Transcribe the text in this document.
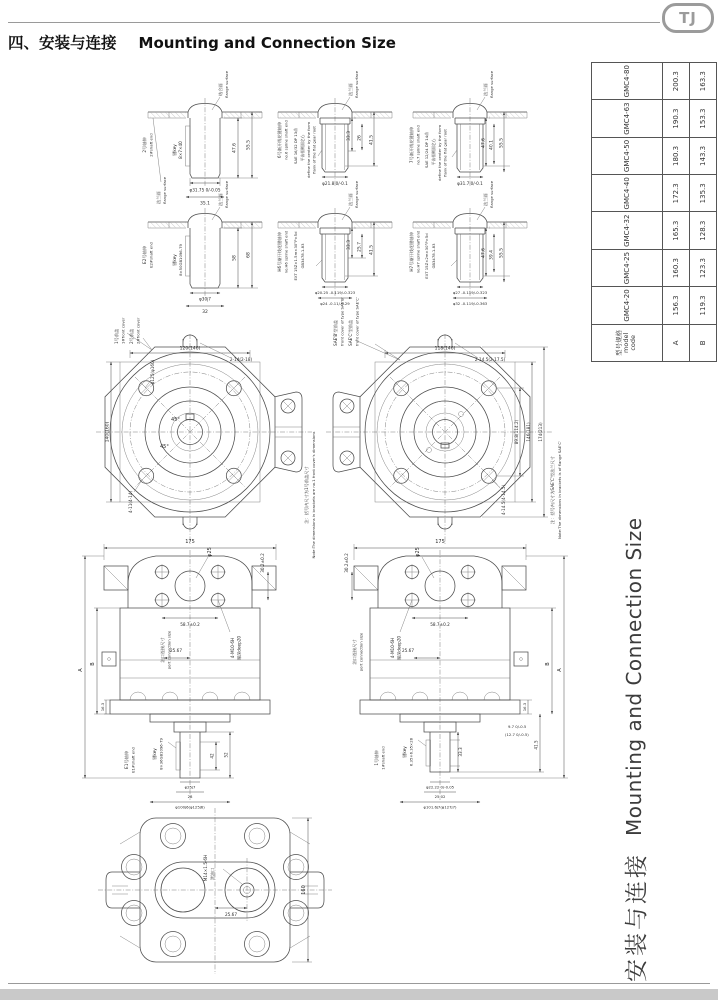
47.6 55.5
φ31.75 0/-0.05
35.1
结合面 flange surface
法兰面 flange surface
2号轴伸 2#shaft end	键key 8×7×40
33.3 26 41.5
φ21.8 0/-0.1
法兰面 flange surface
6号渐开线花键轴伸 no.6 spline shaft end SAE 16/32 DP 13齿 平齿根侧面定心 define the center by the form flank of the flat gear root	47.6 40.1 55.5
φ31.7 0/-0.1
法兰面 flange surface
7号渐开线花键轴伸 no.7 spline shaft end SAE 12/24 DP 14齿 平齿根侧面定心 define the center by the form flank of the flat gear root
58
68
φ30j7
32
法兰面 flange surface
E2号轴伸 E2#shaft end	键key 8×50GB1096-79	33.3 25.7 41.5
φ20.25 -0.119/-0.323
φ24 -0.11/-0.29
法兰面 flange surface
H6号渐开线花键轴伸 no.H6 spline shaft end EXT 15Z×1.5m×30°P×5d GB3478.1-83	47.6 39.4 55.5
φ27 -0.119/-0.323
φ32 -0.119/-0.363
法兰面 flange surface
H7号渐开线花键轴伸 no.H7 spline shaft end EXT 15Z×2m×30°P×5d GB3478.1-83
140(160)
120(146)
2-14(2-18)
φ125(φ160)
4-11(4-14)
45°
45°
1号前盖 1#front cover 2号前盖 2#front cover
注：括号内尺寸为1号前盖尺寸 Note:The dimensions in brackets are no.1 front cover's dimensions	89.8(114.2) 146(181) 174(213)
4-14.5(4-14.5)
118(146)
2-14.5(2-17.5)
SAE'B'型前盖 front cover of type SAE'B' SAE'C'型前盖 front cover of type SAE'C'
注：括号内尺寸为SAE'C'型法兰尺寸 Note:The dimensions in brackets is of flange SAE'C'
175
φ25
30.2±0.2
58.7±0.2
4-M10-6H 螺深deep20
油口连接尺寸 port connection size
25.67
A
B
16.3
42 52
φ25j7
28
φ100j6(φ125j6)
E1号轴伸 E1#shaft end	键key 8×36GB1096-79
175
φ25
30.2±0.2
58.7±0.2
4-M10-6H 螺深deep20
油口连接尺寸 port connection size	25.67
16.3
41.5
B
A
9.7 0/-0.5
(12.7 0/-0.5)
33.3
φ22.22 0/-0.05
25.02
φ101.6j7(φ127j7)
1号轴伸 1#shaft end	键key 6.35×6.35×28
M14×1.5-6H 泄油口
25.67
160
TJ
四、安装与连接 Mounting and Connection Size
型号规格 model code	GMC4-20	GMC4-25	GMC4-32	GMC4-40	GMC4-50	GMC4-63	GMC4-80
A	156.3	160.3	165.3	172.3	180.3	190.3	200.3
B	119.3	123.3	128.3	135.3	143.3	153.3	163.3
安装与连接
Mounting and Connection Size
